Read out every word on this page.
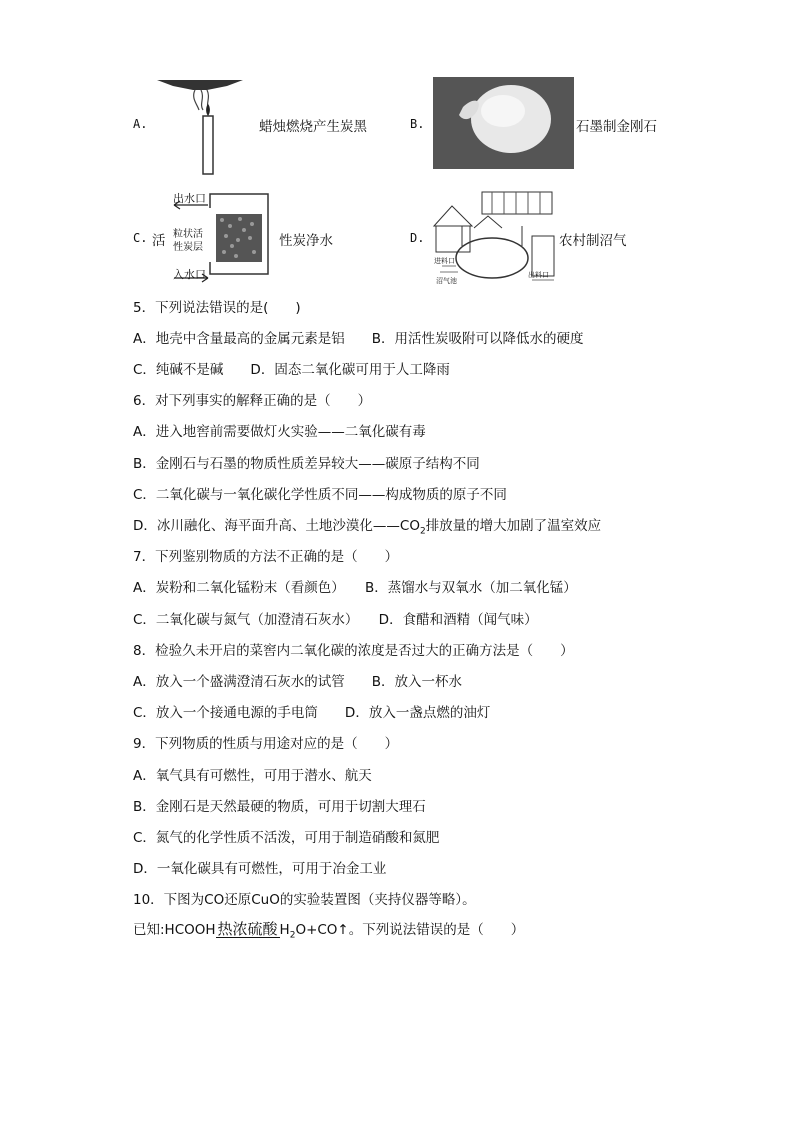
A.	蜡烛燃烧产生炭黑	B.	石墨制金刚石
C. 活
出水口
粒状活
性炭层
入水口
性炭净水	D.
进料口
出料口
沼气池
农村制沼气
5．下列说法错误的是(　　)
A．地壳中含量最高的金属元素是铝　　B．用活性炭吸附可以降低水的硬度
C．纯碱不是碱　　D．固态二氧化碳可用于人工降雨
6．对下列事实的解释正确的是（　　）
A．进入地窖前需要做灯火实验——二氧化碳有毒
B．金刚石与石墨的物质性质差异较大——碳原子结构不同
C．二氧化碳与一氧化碳化学性质不同——构成物质的原子不同
D．冰川融化、海平面升高、土地沙漠化$——CO_2$排放量的增大加剧了温室效应
7．下列鉴别物质的方法不正确的是（　　）
A．炭粉和二氧化锰粉末（看颜色）　　B．蒸馏水与双氧水（加二氧化锰）
C．二氧化碳与氮气（加澄清石灰水）　　D．食醋和酒精（闻气味）
8．检验久未开启的菜窖内二氧化碳的浓度是否过大的正确方法是（　　）
A．放入一个盛满澄清石灰水的试管　　B．放入一杯水
C．放入一个接通电源的手电筒　　D．放入一盏点燃的油灯
9．下列物质的性质与用途对应的是（　　）
A．氧气具有可燃性，可用于潜水、航天
B．金刚石是天然最硬的物质，可用于切割大理石
C．氮气的化学性质不活泼，可用于制造硝酸和氮肥
D．一氧化碳具有可燃性，可用于冶金工业
10．下图为CO还原CuO的实验装置图（夹持仪器等略）。
已知:HCOOH 热浓硫酸 $H_2O+CO↑$。下列说法错误的是（　　）
